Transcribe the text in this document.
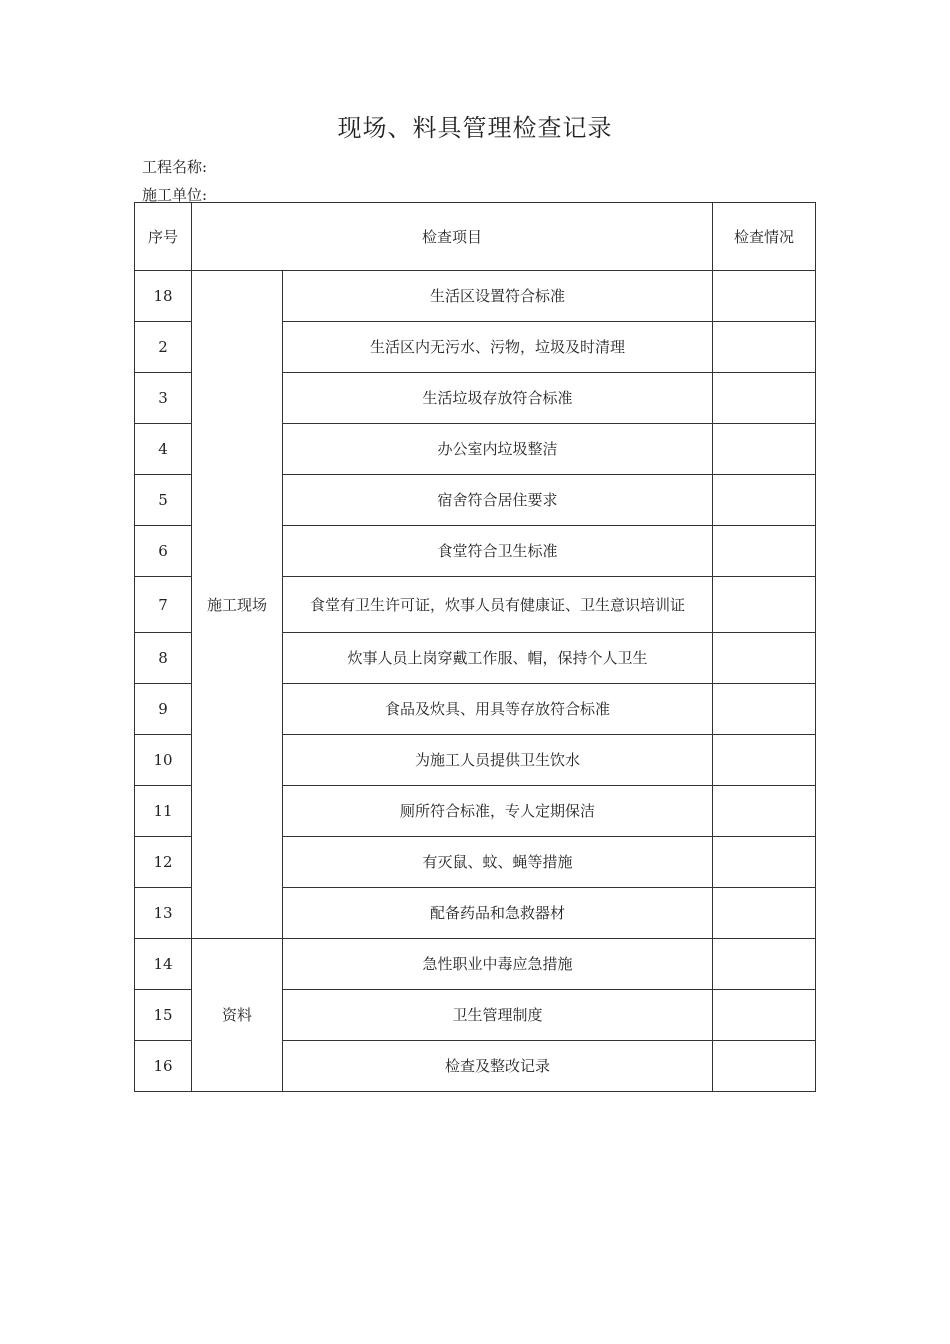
现场、料具管理检查记录
工程名称:
施工单位:
序号	检查项目		检查情况
18	施工现场	生活区设置符合标准	
2		生活区内无污水、污物，垃圾及时清理	
3		生活垃圾存放符合标准	
4		办公室内垃圾整洁	
5		宿舍符合居住要求	
6		食堂符合卫生标准	
7		食堂有卫生许可证，炊事人员有健康证、卫生意识培训证	
8		炊事人员上岗穿戴工作服、帽，保持个人卫生	
9		食品及炊具、用具等存放符合标准	
10		为施工人员提供卫生饮水	
11		厕所符合标准，专人定期保洁	
12		有灭鼠、蚊、蝇等措施	
13		配备药品和急救器材	
14	资料	急性职业中毒应急措施	
15		卫生管理制度	
16		检查及整改记录	
